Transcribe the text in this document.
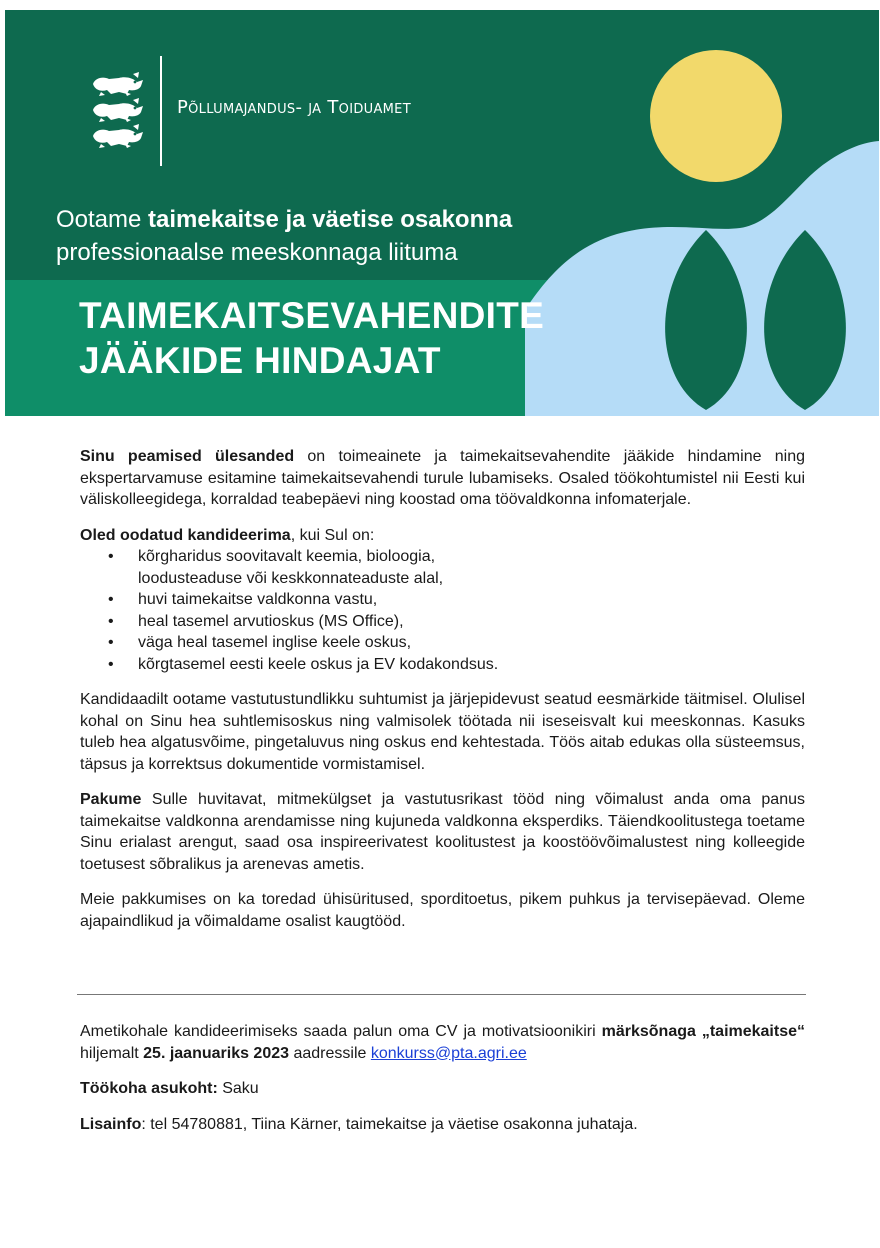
Põllumajandus- ja Toiduamet
Ootame taimekaitse ja väetise osakonna
professionaalse meeskonnaga liituma
TAIMEKAITSEVAHENDITE
JÄÄKIDE HINDAJAT

Sinu peamised ülesanded on toimeainete ja taimekaitsevahendite jääkide hindamine ning ekspertarvamuse esitamine taimekaitsevahendi turule lubamiseks. Osaled töökohtumistel nii Eesti kui väliskolleegidega, korraldad teabepäevi ning koostad oma töövaldkonna infomaterjale.

Oled oodatud kandideerima, kui Sul on:

• kõrgharidus soovitavalt keemia, bioloogia,
loodusteaduse või keskkonnateaduste alal,
• huvi taimekaitse valdkonna vastu,
• heal tasemel arvutioskus (MS Office),
• väga heal tasemel inglise keele oskus,
• kõrgtasemel eesti keele oskus ja EV kodakondsus.

Kandidaadilt ootame vastutustundlikku suhtumist ja järjepidevust seatud eesmärkide täitmisel. Olulisel kohal on Sinu hea suhtlemisoskus ning valmisolek töötada nii iseseisvalt kui meeskonnas. Kasuks tuleb hea algatusvõime, pingetaluvus ning oskus end kehtestada. Töös aitab edukas olla süsteemsus, täpsus ja korrektsus dokumentide vormistamisel.

Pakume Sulle huvitavat, mitmekülgset ja vastutusrikast tööd ning võimalust anda oma panus taimekaitse valdkonna arendamisse ning kujuneda valdkonna eksperdiks. Täiendkoolitustega toetame Sinu erialast arengut, saad osa inspireerivatest koolitustest ja koostöövõimalustest ning kolleegide toetusest sõbralikus ja arenevas ametis.

Meie pakkumises on ka toredad ühisüritused, sporditoetus, pikem puhkus ja tervisepäevad. Oleme ajapaindlikud ja võimaldame osalist kaugtööd.

Ametikohale kandideerimiseks saada palun oma CV ja motivatsioonikiri märksõnaga „taimekaitse“ hiljemalt 25. jaanuariks 2023 aadressile konkurss@pta.agri.ee

Töökoha asukoht: Saku

Lisainfo: tel 54780881, Tiina Kärner, taimekaitse ja väetise osakonna juhataja.
